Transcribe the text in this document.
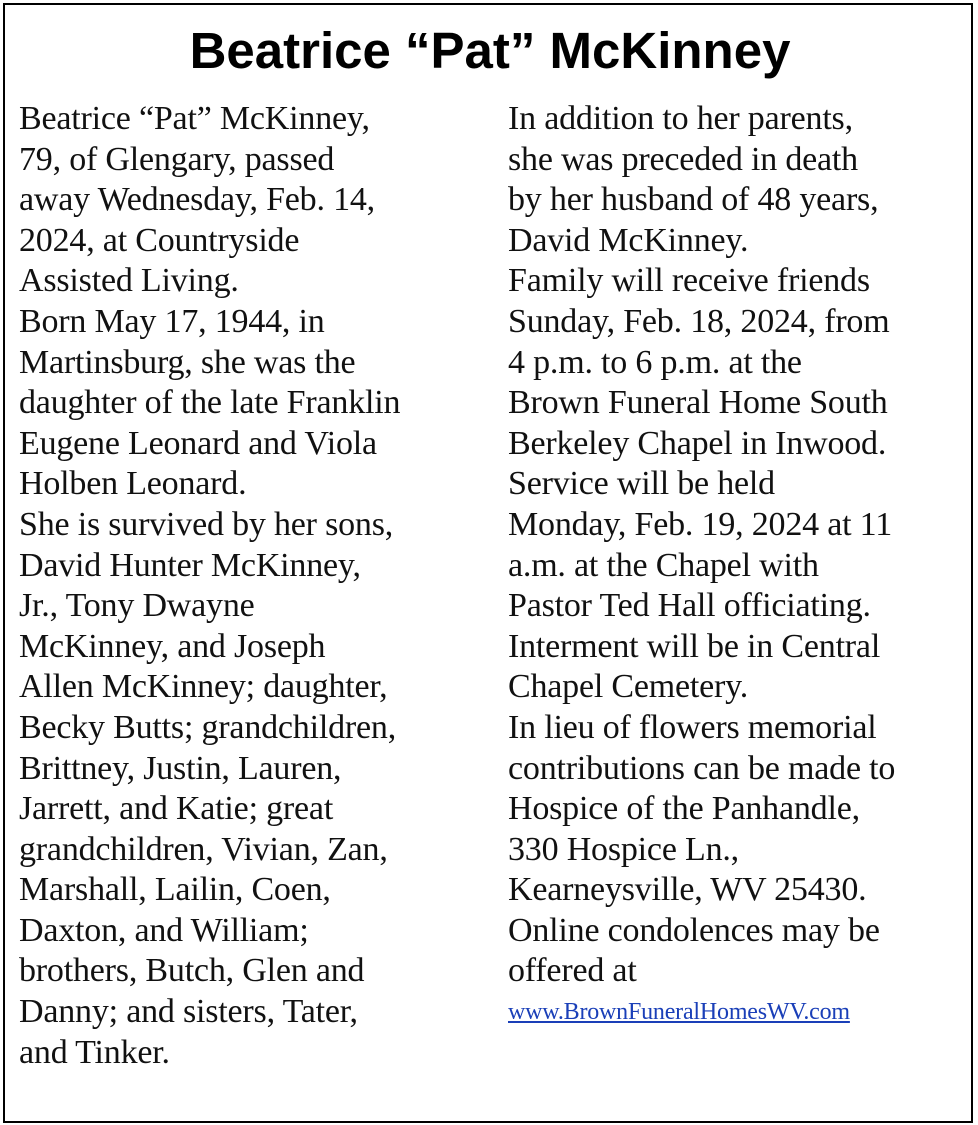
Beatrice “Pat” McKinney
Beatrice “Pat” McKinney,
79, of Glengary, passed
away Wednesday, Feb. 14,
2024, at Countryside
Assisted Living.
Born May 17, 1944, in
Martinsburg, she was the
daughter of the late Franklin
Eugene Leonard and Viola
Holben Leonard.
She is survived by her sons,
David Hunter McKinney,
Jr., Tony Dwayne
McKinney, and Joseph
Allen McKinney; daughter,
Becky Butts; grandchildren,
Brittney, Justin, Lauren,
Jarrett, and Katie; great
grandchildren, Vivian, Zan,
Marshall, Lailin, Coen,
Daxton, and William;
brothers, Butch, Glen and
Danny; and sisters, Tater,
and Tinker.
In addition to her parents,
she was preceded in death
by her husband of 48 years,
David McKinney.
Family will receive friends
Sunday, Feb. 18, 2024, from
4 p.m. to 6 p.m. at the
Brown Funeral Home South
Berkeley Chapel in Inwood.
Service will be held
Monday, Feb. 19, 2024 at 11
a.m. at the Chapel with
Pastor Ted Hall officiating.
Interment will be in Central
Chapel Cemetery.
In lieu of flowers memorial
contributions can be made to
Hospice of the Panhandle,
330 Hospice Ln.,
Kearneysville, WV 25430.
Online condolences may be
offered at
www.BrownFuneralHomesWV.com
